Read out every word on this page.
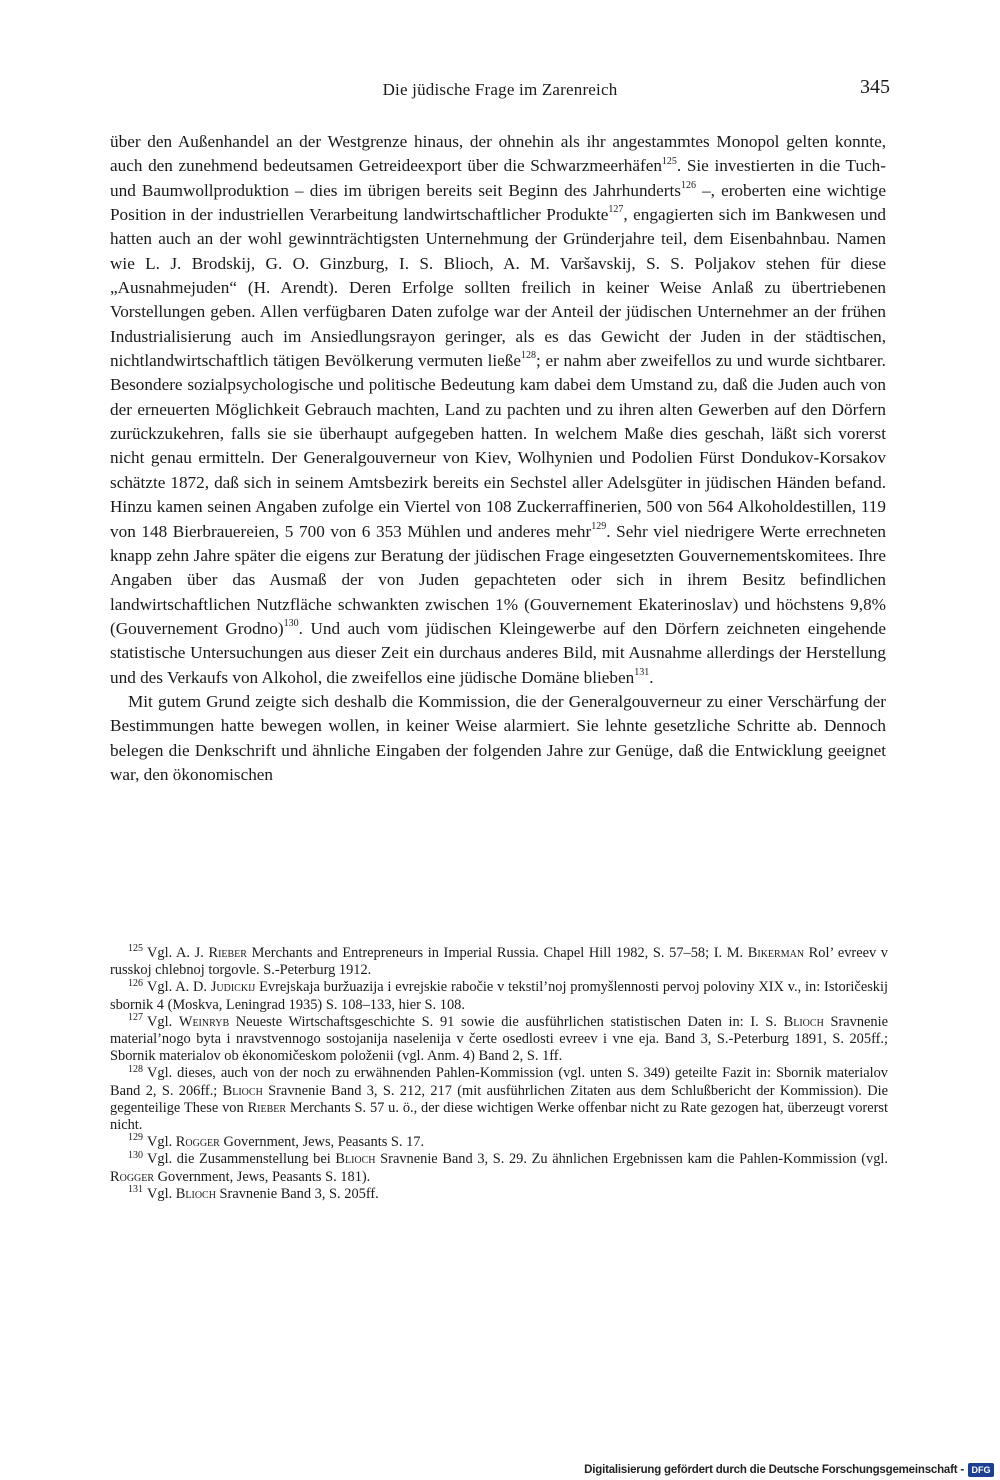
Die jüdische Frage im Zarenreich	345

über den Außenhandel an der Westgrenze hinaus, der ohnehin als ihr angestammtes Monopol gelten konnte, auch den zunehmend bedeutsamen Getreideexport über die Schwarzmeerhäfen$^{125}$. Sie investierten in die Tuch- und Baumwollproduktion – dies im übrigen bereits seit Beginn des Jahrhunderts$^{126}$ –, eroberten eine wichtige Position in der industriellen Verarbeitung landwirtschaftlicher Produkte$^{127}$, engagierten sich im Bankwesen und hatten auch an der wohl gewinnträchtigsten Unternehmung der Gründerjahre teil, dem Eisenbahnbau. Namen wie L. J. Brodskij, G. O. Ginzburg, I. S. Blioch, A. M. Varšavskij, S. S. Poljakov stehen für diese „Ausnahmejuden“ (H. Arendt). Deren Erfolge sollten freilich in keiner Weise Anlaß zu übertriebenen Vorstellungen geben. Allen verfügbaren Daten zufolge war der Anteil der jüdischen Unternehmer an der frühen Industrialisierung auch im Ansiedlungsrayon geringer, als es das Gewicht der Juden in der städtischen, nichtlandwirtschaftlich tätigen Bevölkerung vermuten ließe$^{128}$; er nahm aber zweifellos zu und wurde sichtbarer. Besondere sozialpsychologische und politische Bedeutung kam dabei dem Umstand zu, daß die Juden auch von der erneuerten Möglichkeit Gebrauch machten, Land zu pachten und zu ihren alten Gewerben auf den Dörfern zurückzukehren, falls sie sie überhaupt aufgegeben hatten. In welchem Maße dies geschah, läßt sich vorerst nicht genau ermitteln. Der Generalgouverneur von Kiev, Wolhynien und Podolien Fürst Dondukov-Korsakov schätzte 1872, daß sich in seinem Amtsbezirk bereits ein Sechstel aller Adelsgüter in jüdischen Händen befand. Hinzu kamen seinen Angaben zufolge ein Viertel von 108 Zuckerraffinerien, 500 von 564 Alkoholdestillen, 119 von 148 Bierbrauereien, 5 700 von 6 353 Mühlen und anderes mehr$^{129}$. Sehr viel niedrigere Werte errechneten knapp zehn Jahre später die eigens zur Beratung der jüdischen Frage eingesetzten Gouvernementskomitees. Ihre Angaben über das Ausmaß der von Juden gepachteten oder sich in ihrem Besitz befindlichen landwirtschaftlichen Nutzfläche schwankten zwischen 1% (Gouvernement Ekaterinoslav) und höchstens 9,8% (Gouvernement Grodno)$^{130}$. Und auch vom jüdischen Kleingewerbe auf den Dörfern zeichneten eingehende statistische Untersuchungen aus dieser Zeit ein durchaus anderes Bild, mit Ausnahme allerdings der Herstellung und des Verkaufs von Alkohol, die zweifellos eine jüdische Domäne blieben$^{131}$.

Mit gutem Grund zeigte sich deshalb die Kommission, die der Generalgouverneur zu einer Verschärfung der Bestimmungen hatte bewegen wollen, in keiner Weise alarmiert. Sie lehnte gesetzliche Schritte ab. Dennoch belegen die Denkschrift und ähnliche Eingaben der folgenden Jahre zur Genüge, daß die Entwicklung geeignet war, den ökonomischen

$^{125}$ Vgl. A. J. Rieber Merchants and Entrepreneurs in Imperial Russia. Chapel Hill 1982, S. 57–58; I. M. Bikerman Rol’ evreev v russkoj chlebnoj torgovle. S.-Peterburg 1912.

$^{126}$ Vgl. A. D. Judickij Evrejskaja buržuazija i evrejskie rabočie v tekstil’noj promyšlennosti pervoj poloviny XIX v., in: Istoričeskij sbornik 4 (Moskva, Leningrad 1935) S. 108–133, hier S. 108.

$^{127}$ Vgl. Weinryb Neueste Wirtschaftsgeschichte S. 91 sowie die ausführlichen statistischen Daten in: I. S. Blioch Sravnenie material’nogo byta i nravstvennogo sostojanija naselenija v čerte osedlosti evreev i vne eja. Band 3, S.-Peterburg 1891, S. 205ff.; Sbornik materialov ob ėkonomičeskom položenii (vgl. Anm. 4) Band 2, S. 1ff.

$^{128}$ Vgl. dieses, auch von der noch zu erwähnenden Pahlen-Kommission (vgl. unten S. 349) geteilte Fazit in: Sbornik materialov Band 2, S. 206ff.; Blioch Sravnenie Band 3, S. 212, 217 (mit ausführlichen Zitaten aus dem Schlußbericht der Kommission). Die gegenteilige These von Rieber Merchants S. 57 u. ö., der diese wichtigen Werke offenbar nicht zu Rate gezogen hat, überzeugt vorerst nicht.

$^{129}$ Vgl. Rogger Government, Jews, Peasants S. 17.

$^{130}$ Vgl. die Zusammenstellung bei Blioch Sravnenie Band 3, S. 29. Zu ähnlichen Ergebnissen kam die Pahlen-Kommission (vgl. Rogger Government, Jews, Peasants S. 181).

$^{131}$ Vgl. Blioch Sravnenie Band 3, S. 205ff.

Digitalisierung gefördert durch die Deutsche Forschungsgemeinschaft - DFG
